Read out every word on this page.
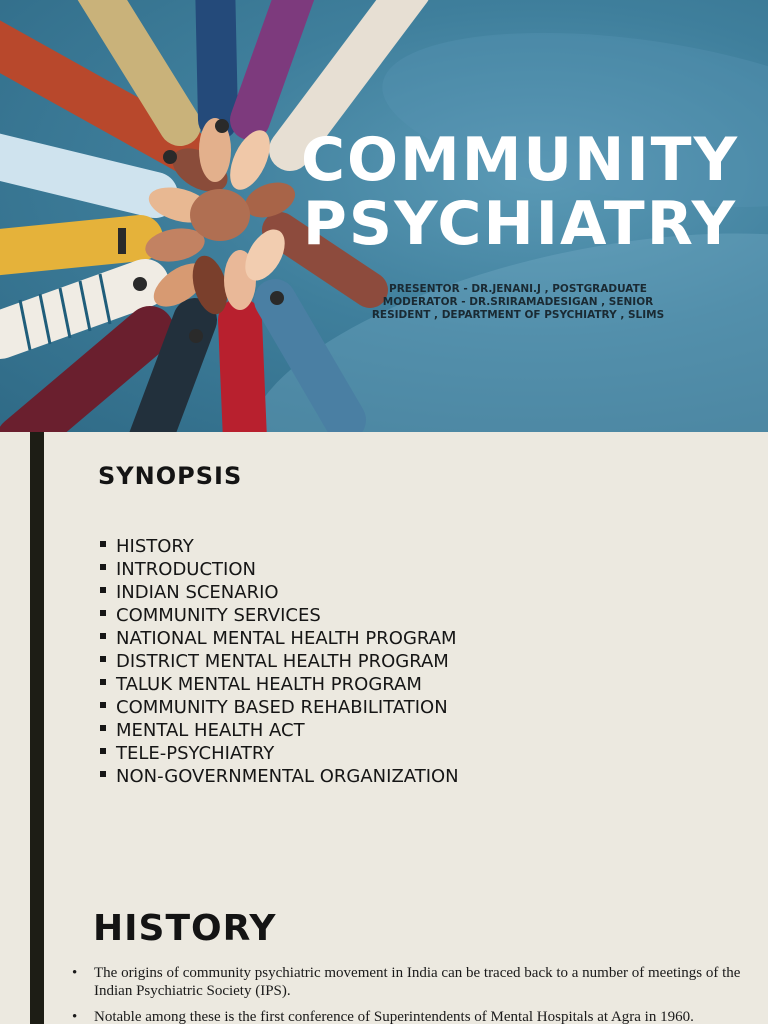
COMMUNITY
PSYCHIATRY
PRESENTOR - DR.JENANI.J , POSTGRADUATE
MODERATOR - DR.SRIRAMADESIGAN , SENIOR RESIDENT , DEPARTMENT OF PSYCHIATRY , SLIMS
SYNOPSIS
HISTORY
INTRODUCTION
INDIAN SCENARIO
COMMUNITY SERVICES
NATIONAL MENTAL HEALTH PROGRAM
DISTRICT MENTAL HEALTH PROGRAM
TALUK MENTAL HEALTH PROGRAM
COMMUNITY BASED REHABILITATION
MENTAL HEALTH ACT
TELE-PSYCHIATRY
NON-GOVERNMENTAL ORGANIZATION
HISTORY
• The origins of community psychiatric movement in India can be traced back to a number of meetings of the Indian Psychiatric Society (IPS).
• Notable among these is the first conference of Superintendents of Mental Hospitals at Agra in 1960.
